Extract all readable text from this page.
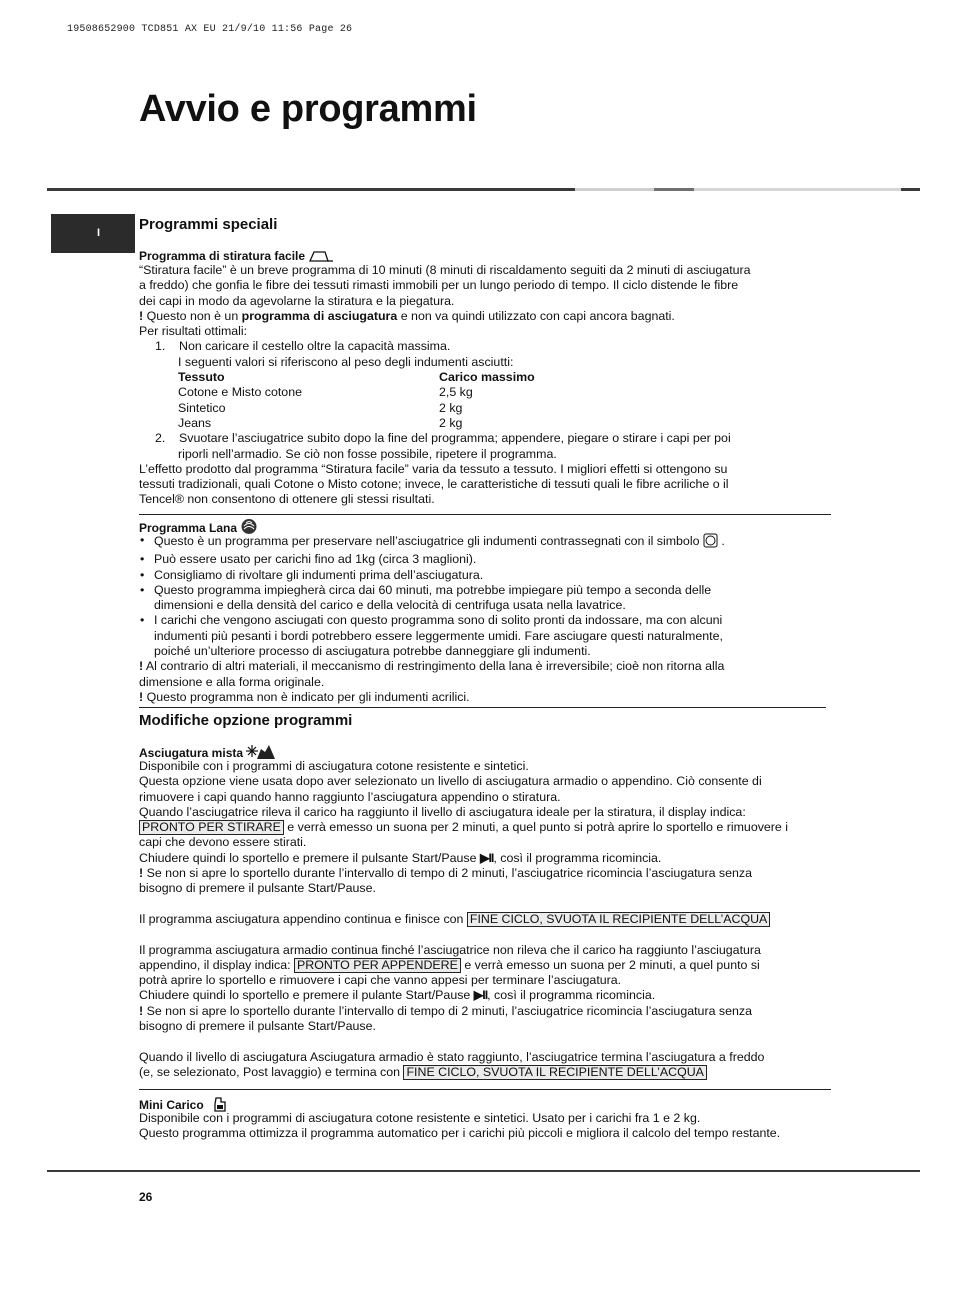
19508652900 TCD851 AX EU 21/9/10 11:56 Page 26
Avvio e programmi
I	Programmi speciali
Programma di stiratura facile
“Stiratura facile” è un breve programma di 10 minuti (8 minuti di riscaldamento seguiti da 2 minuti di asciugatura
a freddo) che gonfia le fibre dei tessuti rimasti immobili per un lungo periodo di tempo. Il ciclo distende le fibre
dei capi in modo da agevolarne la stiratura e la piegatura.
! Questo non è un programma di asciugatura e non va quindi utilizzato con capi ancora bagnati.
Per risultati ottimali:
1. Non caricare il cestello oltre la capacità massima.
I seguenti valori si riferiscono al peso degli indumenti asciutti:
Tessuto	Carico massimo
Cotone e Misto cotone	2,5 kg
Sintetico	2 kg
Jeans	2 kg
2. Svuotare l’asciugatrice subito dopo la fine del programma; appendere, piegare o stirare i capi per poi
riporli nell’armadio. Se ciò non fosse possibile, ripetere il programma.
L’effetto prodotto dal programma “Stiratura facile” varia da tessuto a tessuto. I migliori effetti si ottengono su
tessuti tradizionali, quali Cotone o Misto cotone; invece, le caratteristiche di tessuti quali le fibre acriliche o il
Tencel® non consentono di ottenere gli stessi risultati.
Programma Lana
• Questo è un programma per preservare nell’asciugatrice gli indumenti contrassegnati con il simbolo  .
• Può essere usato per carichi fino ad 1kg (circa 3 maglioni).
• Consigliamo di rivoltare gli indumenti prima dell’asciugatura.
• Questo programma impiegherà circa dai 60 minuti, ma potrebbe impiegare più tempo a seconda delle
dimensioni e della densità del carico e della velocità di centrifuga usata nella lavatrice.
• I carichi che vengono asciugati con questo programma sono di solito pronti da indossare, ma con alcuni
indumenti più pesanti i bordi potrebbero essere leggermente umidi. Fare asciugare questi naturalmente,
poiché un’ulteriore processo di asciugatura potrebbe danneggiare gli indumenti.
! Al contrario di altri materiali, il meccanismo di restringimento della lana è irreversibile; cioè non ritorna alla
dimensione e alla forma originale.
! Questo programma non è indicato per gli indumenti acrilici.
Modifiche opzione programmi
Asciugatura mista
Disponibile con i programmi di asciugatura cotone resistente e sintetici.
Questa opzione viene usata dopo aver selezionato un livello di asciugatura armadio o appendino. Ciò consente di
rimuovere i capi quando hanno raggiunto l’asciugatura appendino o stiratura.
Quando l’asciugatrice rileva il carico ha raggiunto il livello di asciugatura ideale per la stiratura, il display indica:
PRONTO PER STIRARE e verrà emesso un suona per 2 minuti, a quel punto si potrà aprire lo sportello e rimuovere i
capi che devono essere stirati.
Chiudere quindi lo sportello e premere il pulsante Start/Pause ▶II, così il programma ricomincia.
! Se non si apre lo sportello durante l’intervallo di tempo di 2 minuti, l’asciugatrice ricomincia l’asciugatura senza
bisogno di premere il pulsante Start/Pause.

Il programma asciugatura appendino continua e finisce con FINE CICLO, SVUOTA IL RECIPIENTE DELL’ACQUA

Il programma asciugatura armadio continua finché l’asciugatrice non rileva che il carico ha raggiunto l’asciugatura
appendino, il display indica: PRONTO PER APPENDERE e verrà emesso un suona per 2 minuti, a quel punto si
potrà aprire lo sportello e rimuovere i capi che vanno appesi per terminare l’asciugatura.
Chiudere quindi lo sportello e premere il pulante Start/Pause ▶II, così il programma ricomincia.
! Se non si apre lo sportello durante l’intervallo di tempo di 2 minuti, l’asciugatrice ricomincia l’asciugatura senza
bisogno di premere il pulsante Start/Pause.

Quando il livello di asciugatura Asciugatura armadio è stato raggiunto, l’asciugatrice termina l’asciugatura a freddo
(e, se selezionato, Post lavaggio) e termina con FINE CICLO, SVUOTA IL RECIPIENTE DELL’ACQUA
Mini Carico
Disponibile con i programmi di asciugatura cotone resistente e sintetici. Usato per i carichi fra 1 e 2 kg.
Questo programma ottimizza il programma automatico per i carichi più piccoli e migliora il calcolo del tempo restante.
26
